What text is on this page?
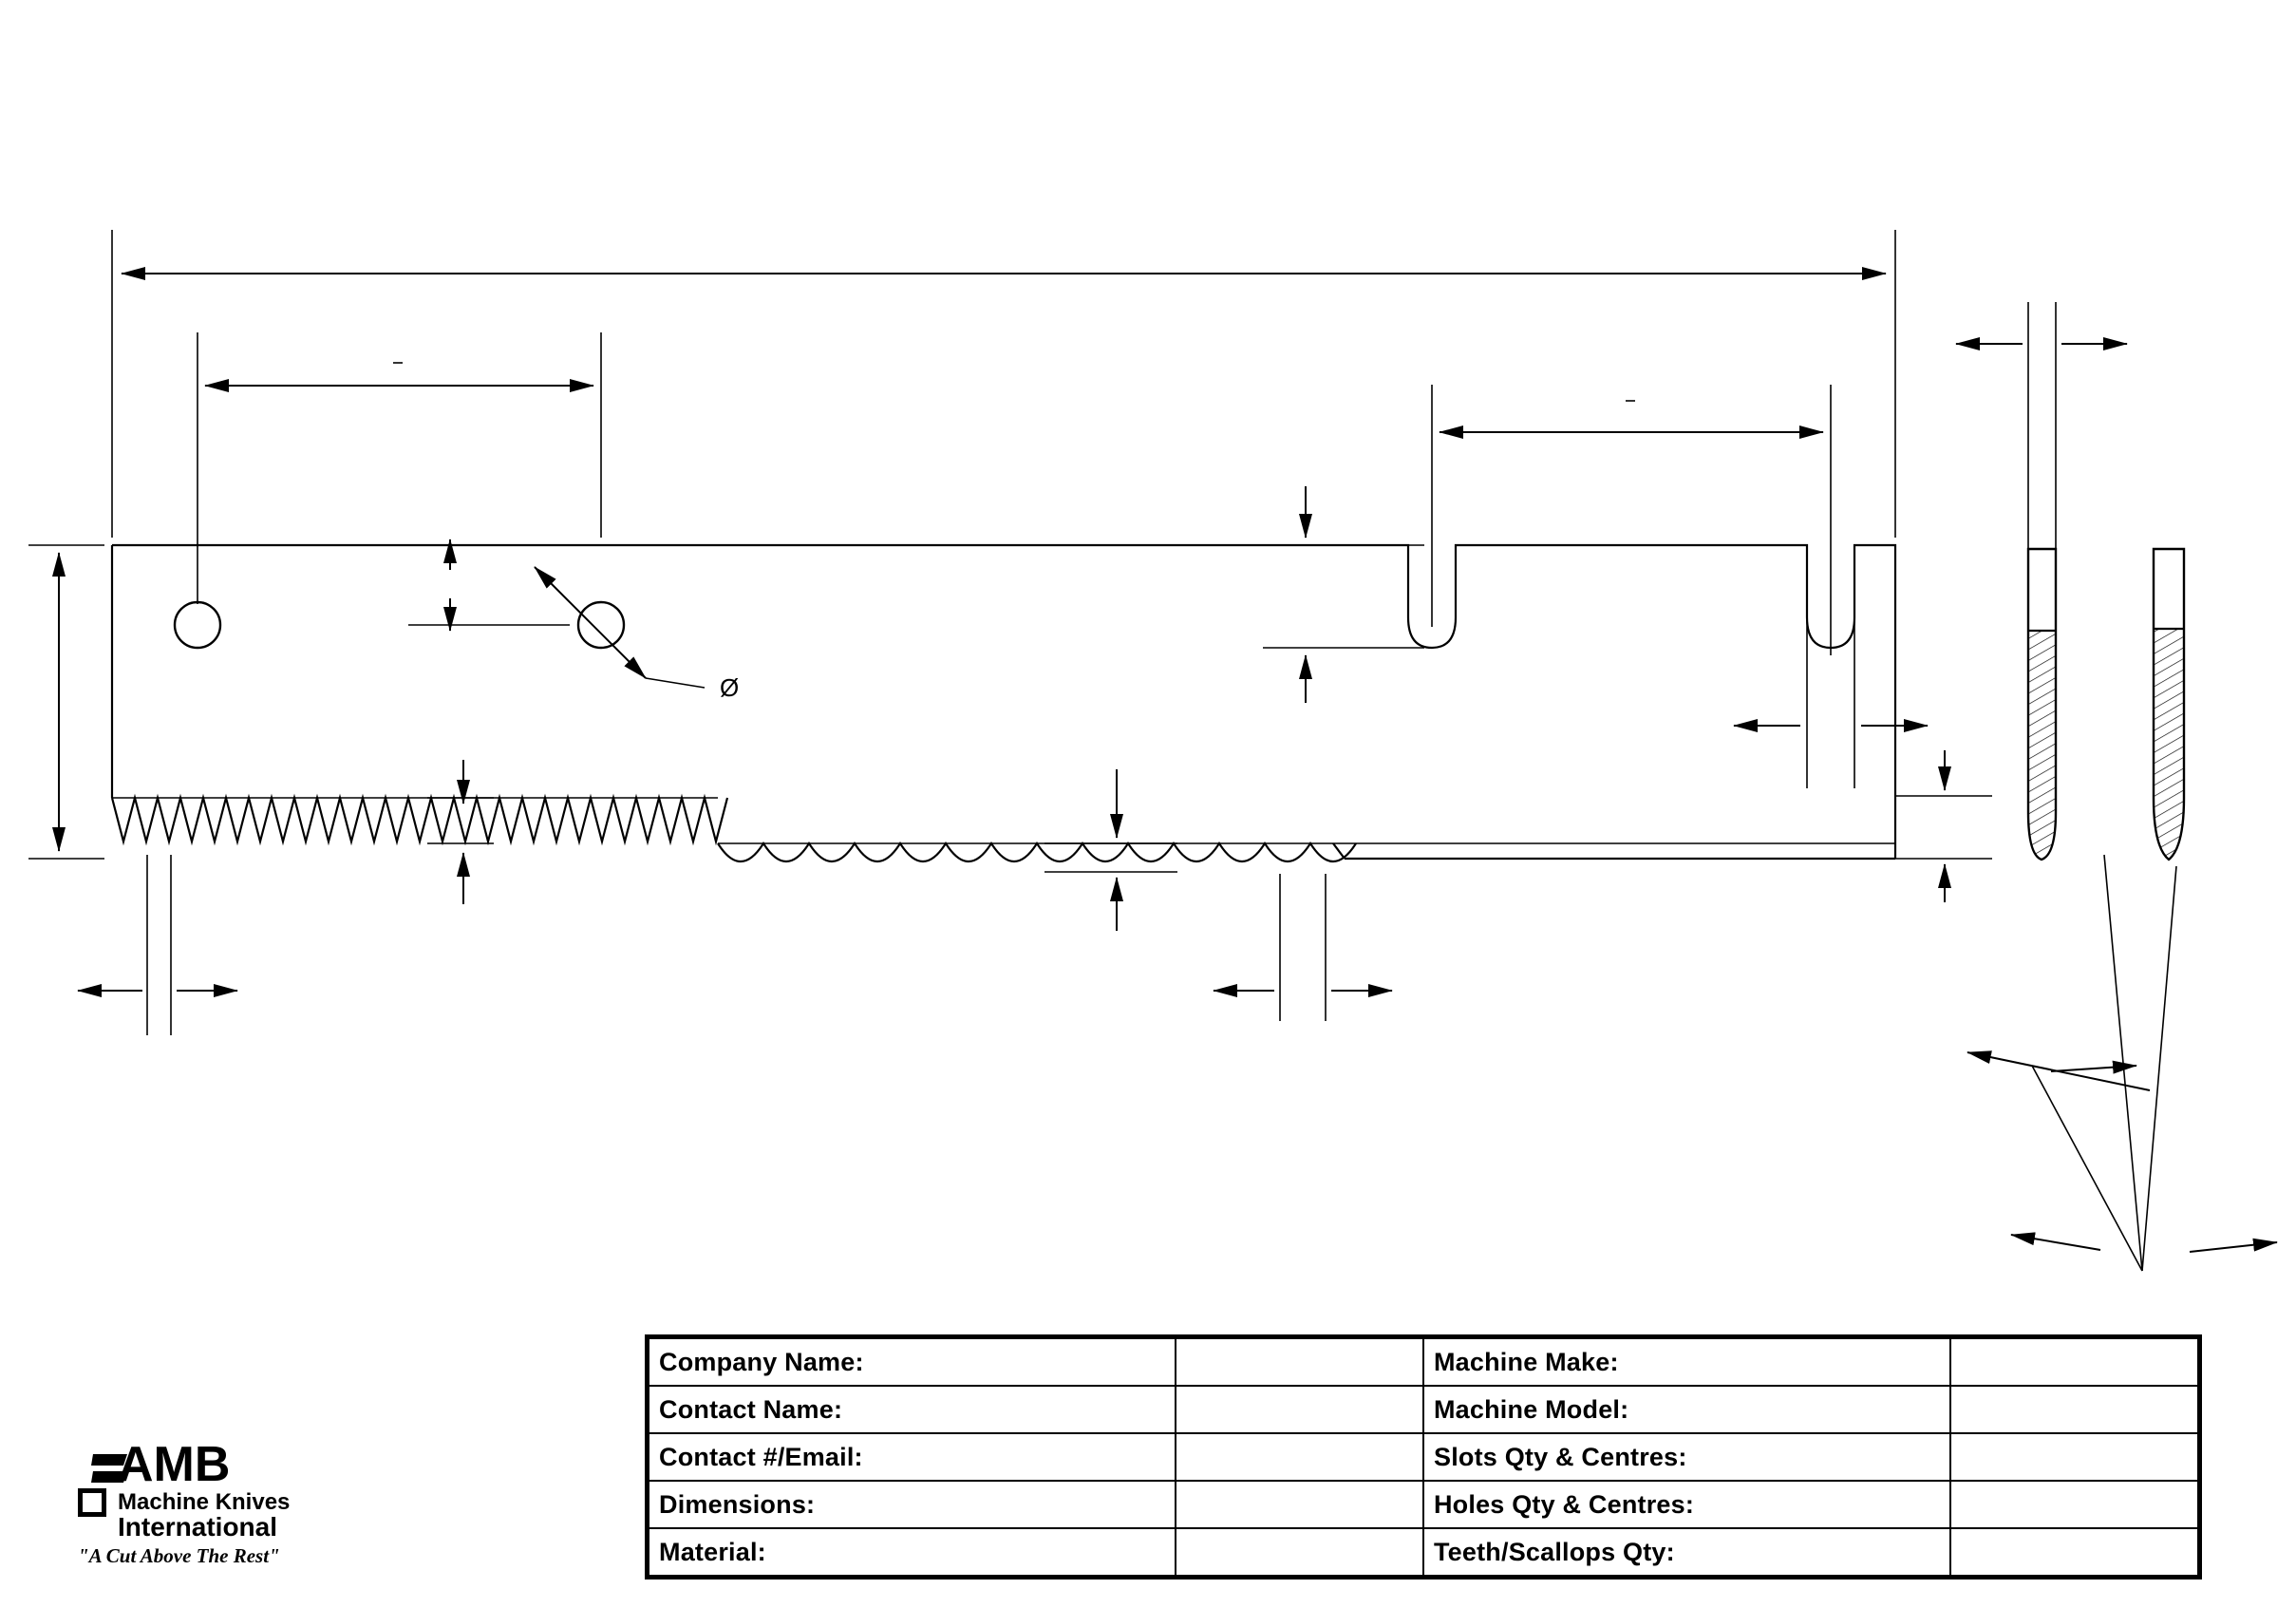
Ø
Company Name:		Machine Make:	
Contact Name:		Machine Model:	
Contact #/Email:		Slots Qty & Centres:	
Dimensions:		Holes Qty & Centres:	
Material:		Teeth/Scallops Qty:	
AMB
Machine Knives
International
"A Cut Above The Rest"
